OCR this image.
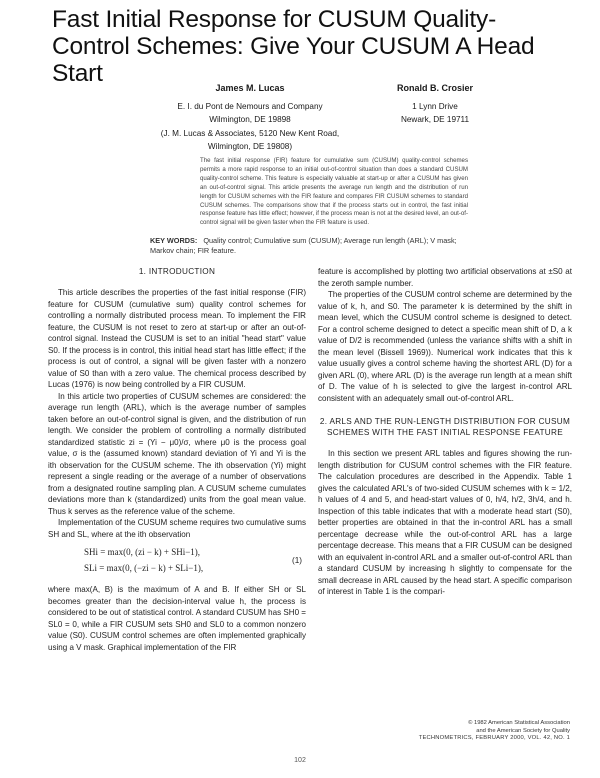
Fast Initial Response for CUSUM Quality-Control Schemes: Give Your CUSUM A Head Start
James M. Lucas
E. I. du Pont de Nemours and Company
Wilmington, DE 19898
(J. M. Lucas & Associates, 5120 New Kent Road,
Wilmington, DE 19808)
Ronald B. Crosier
1 Lynn Drive
Newark, DE 19711
The fast initial response (FIR) feature for cumulative sum (CUSUM) quality-control schemes permits a more rapid response to an initial out-of-control situation than does a standard CUSUM quality-control scheme. This feature is especially valuable at start-up or after a CUSUM has given an out-of-control signal. This article presents the average run length and the distribution of run length for CUSUM schemes with the FIR feature and compares FIR CUSUM schemes to standard CUSUM schemes. The comparisons show that if the process starts out in control, the fast initial response feature has little effect; however, if the process mean is not at the desired level, an out-of-control signal will be given faster when the FIR feature is used.
KEY WORDS: Quality control; Cumulative sum (CUSUM); Average run length (ARL); V mask; Markov chain; FIR feature.
1. INTRODUCTION

This article describes the properties of the fast initial response (FIR) feature for CUSUM (cumulative sum) quality control schemes for controlling a normally distributed process mean. To implement the FIR feature, the CUSUM is not reset to zero at start-up or after an out-of-control signal. Instead the CUSUM is set to an initial "head start" value S0. If the process is in control, this initial head start has little effect; if the process is out of control, a signal will be given faster with a nonzero value of S0 than with a zero value. The chemical process described by Lucas (1976) is now being controlled by a FIR CUSUM.

In this article two properties of CUSUM schemes are considered: the average run length (ARL), which is the average number of samples taken before an out-of-control signal is given, and the distribution of run length. We consider the problem of controlling a normally distributed standardized statistic zi = (Yi − μ0)/σ, where μ0 is the process goal value, σ is the (assumed known) standard deviation of Yi and Yi is the ith observation for the CUSUM scheme. The ith observation (Yi) might represent a single reading or the average of a number of observations from a designated routine sampling plan. A CUSUM scheme cumulates deviations more than k (standardized) units from the goal mean value. Thus k serves as the reference value of the scheme.

Implementation of the CUSUM scheme requires two cumulative sums SH and SL, where at the ith observation

SHi = max(0, (zi − k) + SHi−1),
SLi = max(0, (−zi − k) + SLi−1),
(1)

where max(A, B) is the maximum of A and B. If either SH or SL becomes greater than the decision-interval value h, the process is considered to be out of statistical control. A standard CUSUM has SH0 = SL0 = 0, while a FIR CUSUM sets SH0 and SL0 to a common nonzero value (S0). CUSUM control schemes are often implemented graphically using a V mask. Graphical implementation of the FIR

feature is accomplished by plotting two artificial observations at ±S0 at the zeroth sample number.

The properties of the CUSUM control scheme are determined by the value of k, h, and S0. The parameter k is determined by the shift in mean level, which the CUSUM control scheme is designed to detect. For a control scheme designed to detect a specific mean shift of D, a k value of D/2 is recommended (unless the variance shifts with a shift in the mean level (Bissell 1969)). Numerical work indicates that this k value usually gives a control scheme having the shortest ARL (D) for a given ARL (0), where ARL (D) is the average run length at a mean shift of D. The value of h is selected to give the largest in-control ARL consistent with an adequately small out-of-control ARL.

2. ARLS AND THE RUN-LENGTH DISTRIBUTION FOR CUSUM SCHEMES WITH THE FAST INITIAL RESPONSE FEATURE

In this section we present ARL tables and figures showing the run-length distribution for CUSUM control schemes with the FIR feature. The calculation procedures are described in the Appendix. Table 1 gives the calculated ARL's of two-sided CUSUM schemes with k = 1/2, h values of 4 and 5, and head-start values of 0, h/4, h/2, 3h/4, and h. Inspection of this table indicates that with a moderate head start (S0), better properties are obtained in that the in-control ARL has a small percentage decrease while the out-of-control ARL has a large percentage decrease. This means that a FIR CUSUM can be designed with an equivalent in-control ARL and a smaller out-of-control ARL than a standard CUSUM by increasing h slightly to compensate for the small decrease in ARL caused by the head start. A specific comparison of interest in Table 1 is the compari-

© 1982 American Statistical Association
and the American Society for Quality
TECHNOMETRICS, FEBRUARY 2000, VOL. 42, NO. 1
102
